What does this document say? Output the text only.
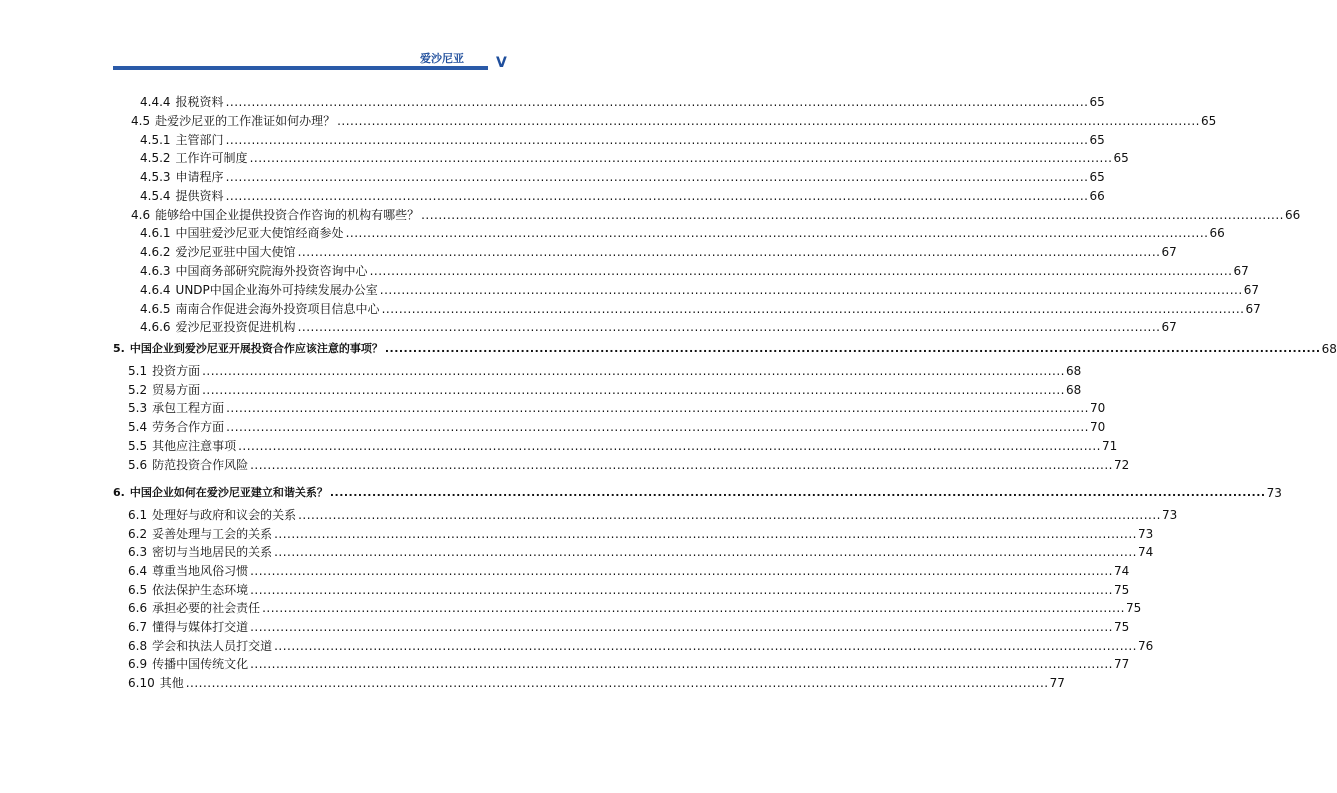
爱沙尼亚	V
4.4.4 报税资料 ........................................................................................................................................................................................................ 65
4.5 赴爱沙尼亚的工作准证如何办理？ ........................................................................................................................................................................................................ 65
4.5.1 主管部门 ........................................................................................................................................................................................................ 65
4.5.2 工作许可制度 ........................................................................................................................................................................................................ 65
4.5.3 申请程序 ........................................................................................................................................................................................................ 65
4.5.4 提供资料 ........................................................................................................................................................................................................ 66
4.6 能够给中国企业提供投资合作咨询的机构有哪些？ ........................................................................................................................................................................................................ 66
4.6.1 中国驻爱沙尼亚大使馆经商参处 ........................................................................................................................................................................................................ 66
4.6.2 爱沙尼亚驻中国大使馆 ........................................................................................................................................................................................................ 67
4.6.3 中国商务部研究院海外投资咨询中心 ........................................................................................................................................................................................................ 67
4.6.4 UNDP中国企业海外可持续发展办公室 ........................................................................................................................................................................................................ 67
4.6.5 南南合作促进会海外投资项目信息中心 ........................................................................................................................................................................................................ 67
4.6.6 爱沙尼亚投资促进机构 ........................................................................................................................................................................................................ 67
5. 中国企业到爱沙尼亚开展投资合作应该注意的事项？ ........................................................................................................................................................................................................ 68
5.1 投资方面 ........................................................................................................................................................................................................ 68
5.2 贸易方面 ........................................................................................................................................................................................................ 68
5.3 承包工程方面 ........................................................................................................................................................................................................ 70
5.4 劳务合作方面 ........................................................................................................................................................................................................ 70
5.5 其他应注意事项 ........................................................................................................................................................................................................ 71
5.6 防范投资合作风险 ........................................................................................................................................................................................................ 72
6. 中国企业如何在爱沙尼亚建立和谐关系？ ........................................................................................................................................................................................................ 73
6.1 处理好与政府和议会的关系 ........................................................................................................................................................................................................ 73
6.2 妥善处理与工会的关系 ........................................................................................................................................................................................................ 73
6.3 密切与当地居民的关系 ........................................................................................................................................................................................................ 74
6.4 尊重当地风俗习惯 ........................................................................................................................................................................................................ 74
6.5 依法保护生态环境 ........................................................................................................................................................................................................ 75
6.6 承担必要的社会责任 ........................................................................................................................................................................................................ 75
6.7 懂得与媒体打交道 ........................................................................................................................................................................................................ 75
6.8 学会和执法人员打交道 ........................................................................................................................................................................................................ 76
6.9 传播中国传统文化 ........................................................................................................................................................................................................ 77
6.10 其他 ........................................................................................................................................................................................................ 77
